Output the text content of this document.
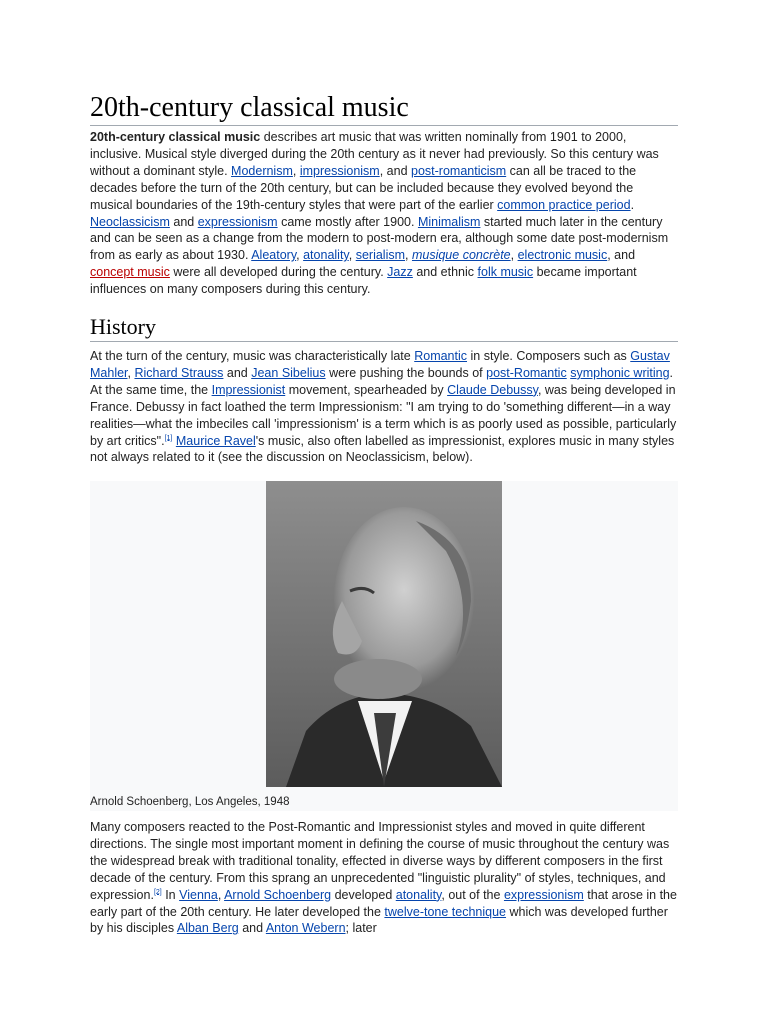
20th-century classical music

20th-century classical music describes art music that was written nominally from 1901 to 2000, inclusive. Musical style diverged during the 20th century as it never had previously. So this century was without a dominant style. Modernism, impressionism, and post-romanticism can all be traced to the decades before the turn of the 20th century, but can be included because they evolved beyond the musical boundaries of the 19th-century styles that were part of the earlier common practice period. Neoclassicism and expressionism came mostly after 1900. Minimalism started much later in the century and can be seen as a change from the modern to post-modern era, although some date post-modernism from as early as about 1930. Aleatory, atonality, serialism, musique concrète, electronic music, and concept music were all developed during the century. Jazz and ethnic folk music became important influences on many composers during this century.

History

At the turn of the century, music was characteristically late Romantic in style. Composers such as Gustav Mahler, Richard Strauss and Jean Sibelius were pushing the bounds of post-Romantic symphonic writing. At the same time, the Impressionist movement, spearheaded by Claude Debussy, was being developed in France. Debussy in fact loathed the term Impressionism: "I am trying to do 'something different—in a way realities—what the imbeciles call 'impressionism' is a term which is as poorly used as possible, particularly by art critics".[1] Maurice Ravel's music, also often labelled as impressionist, explores music in many styles not always related to it (see the discussion on Neoclassicism, below).

Arnold Schoenberg, Los Angeles, 1948

Many composers reacted to the Post-Romantic and Impressionist styles and moved in quite different directions. The single most important moment in defining the course of music throughout the century was the widespread break with traditional tonality, effected in diverse ways by different composers in the first decade of the century. From this sprang an unprecedented "linguistic plurality" of styles, techniques, and expression.[2] In Vienna, Arnold Schoenberg developed atonality, out of the expressionism that arose in the early part of the 20th century. He later developed the twelve-tone technique which was developed further by his disciples Alban Berg and Anton Webern; later
